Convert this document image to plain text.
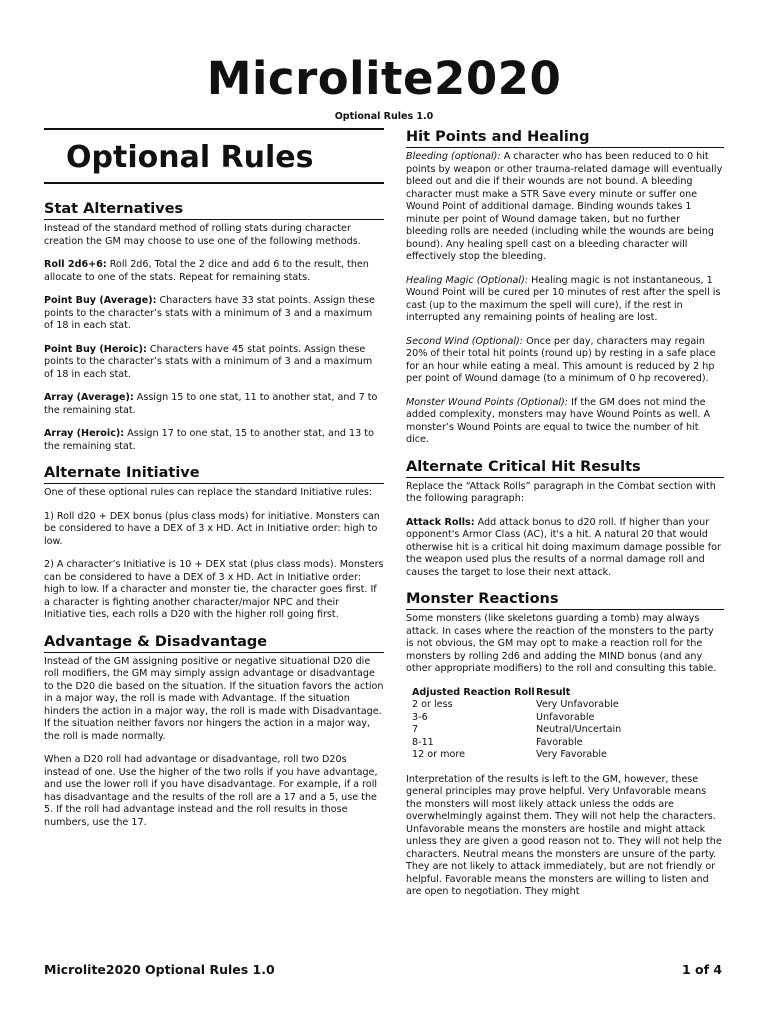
Microlite2020
Optional Rules 1.0
Optional Rules
Stat Alternatives

Instead of the standard method of rolling stats during character creation the GM may choose to use one of the following methods.

Roll 2d6+6: Roll 2d6, Total the 2 dice and add 6 to the result, then allocate to one of the stats. Repeat for remaining stats.

Point Buy (Average): Characters have 33 stat points. Assign these points to the character’s stats with a minimum of 3 and a maximum of 18 in each stat.

Point Buy (Heroic): Characters have 45 stat points. Assign these points to the character’s stats with a minimum of 3 and a maximum of 18 in each stat.

Array (Average): Assign 15 to one stat, 11 to another stat, and 7 to the remaining stat.

Array (Heroic): Assign 17 to one stat, 15 to another stat, and 13 to the remaining stat.

Alternate Initiative

One of these optional rules can replace the standard Initiative rules:

1) Roll d20 + DEX bonus (plus class mods) for initiative. Monsters can be considered to have a DEX of 3 x HD. Act in Initiative order: high to low.

2) A character’s Initiative is 10 + DEX stat (plus class mods). Monsters can be considered to have a DEX of 3 x HD. Act in Initiative order: high to low. If a character and monster tie, the character goes first. If a character is fighting another character/major NPC and their Initiative ties, each rolls a D20 with the higher roll going first.

Advantage & Disadvantage

Instead of the GM assigning positive or negative situational D20 die roll modifiers, the GM may simply assign advantage or disadvantage to the D20 die based on the situation. If the situation favors the action in a major way, the roll is made with Advantage. If the situation hinders the action in a major way, the roll is made with Disadvantage. If the situation neither favors nor hingers the action in a major way, the roll is made normally.

When a D20 roll had advantage or disadvantage, roll two D20s instead of one. Use the higher of the two rolls if you have advantage, and use the lower roll if you have disadvantage. For example, if a roll has disadvantage and the results of the roll are a 17 and a 5, use the 5. If the roll had advantage instead and the roll results in those numbers, use the 17.

Hit Points and Healing

Bleeding (optional): A character who has been reduced to 0 hit points by weapon or other trauma-related damage will eventually bleed out and die if their wounds are not bound. A bleeding character must make a STR Save every minute or suffer one Wound Point of additional damage. Binding wounds takes 1 minute per point of Wound damage taken, but no further bleeding rolls are needed (including while the wounds are being bound). Any healing spell cast on a bleeding character will effectively stop the bleeding.

Healing Magic (Optional): Healing magic is not instantaneous, 1 Wound Point will be cured per 10 minutes of rest after the spell is cast (up to the maximum the spell will cure), if the rest in interrupted any remaining points of healing are lost.

Second Wind (Optional): Once per day, characters may regain 20% of their total hit points (round up) by resting in a safe place for an hour while eating a meal. This amount is reduced by 2 hp per point of Wound damage (to a minimum of 0 hp recovered).

Monster Wound Points (Optional): If the GM does not mind the added complexity, monsters may have Wound Points as well. A monster’s Wound Points are equal to twice the number of hit dice.

Alternate Critical Hit Results

Replace the “Attack Rolls” paragraph in the Combat section with the following paragraph:

Attack Rolls: Add attack bonus to d20 roll. If higher than your opponent's Armor Class (AC), it's a hit. A natural 20 that would otherwise hit is a critical hit doing maximum damage possible for the weapon used plus the results of a normal damage roll and causes the target to lose their next attack.

Monster Reactions

Some monsters (like skeletons guarding a tomb) may always attack. In cases where the reaction of the monsters to the party is not obvious, the GM may opt to make a reaction roll for the monsters by rolling 2d6 and adding the MIND bonus (and any other appropriate modifiers) to the roll and consulting this table.

Adjusted Reaction Roll	Result
2 or less	Very Unfavorable
3-6	Unfavorable
7	Neutral/Uncertain
8-11	Favorable
12 or more	Very Favorable

Interpretation of the results is left to the GM, however, these general principles may prove helpful. Very Unfavorable means the monsters will most likely attack unless the odds are overwhelmingly against them. They will not help the characters. Unfavorable means the monsters are hostile and might attack unless they are given a good reason not to. They will not help the characters. Neutral means the monsters are unsure of the party. They are not likely to attack immediately, but are not friendly or helpful. Favorable means the monsters are willing to listen and are open to negotiation. They might

Microlite2020 Optional Rules 1.0	1 of 4
